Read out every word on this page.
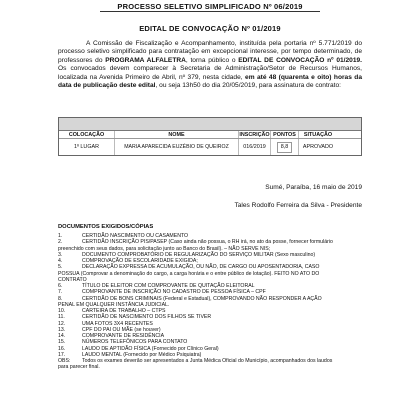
PROCESSO SELETIVO SIMPLIFICADO Nº 06/2019
EDITAL DE CONVOCAÇÃO Nº 01/2019
A Comissão de Fiscalização e Acompanhamento, instituída pela portaria nº 5.771/2019 do processo seletivo simplificado para contratação em excepcional interesse, por tempo determinado, de professores do PROGRAMA ALFALETRA, torna público o EDITAL DE CONVOCAÇÃO nº 01/2019. Os convocados devem comparecer à Secretaria de Administração/Setor de Recursos Humanos, localizada na Avenida Primeiro de Abril, nº 379, nesta cidade, em até 48 (quarenta e oito) horas da data de publicação deste edital, ou seja 13h50 do dia 20/05/2019, para assinatura de contrato:
COLOCAÇÃO	NOME	INSCRIÇÃO PONTOS	SITUAÇÃO
1º LUGAR	MARIA APARECIDA EUZÉBIO DE QUEIROZ	016/2019	8,8	APROVADO
Sumé, Paraíba, 16 maio de 2019
Tales Rodolfo Ferreira da Silva - Presidente
DOCUMENTOS EXIGIDOS/CÓPIAS
1.	CERTIDÃO NASCIMENTO OU CASAMENTO
2.	CERTIDÃO INSCRIÇÃO PIS/PASEP (Caso ainda não possua, o RH irá, no ato da posse, fornecer formulário
preenchido com seus dados, para solicitação junto ao Banco do Brasil). – NÃO SERVE NIS;
3.	DOCUMENTO COMPROBATÓRIO DE REGULARIZAÇÃO DO SERVIÇO MILITAR (Sexo masculino)
4.	COMPROVAÇÃO DE ESCOLARIDADE EXIGIDA;
5.	DECLARAÇÃO EXPRESSA DE ACUMULAÇÃO, OU NÃO, DE CARGO OU APOSENTADORIA, CASO
POSSUA (Comprovar a denominação do cargo, a carga horária e o entre público de lotação). FEITO NO ATO DO
CONTRATO
6.	TÍTULO DE ELEITOR COM COMPROVANTE DE QUITAÇÃO ELEITORAL
7.	COMPROVANTE DE INSCRIÇÃO NO CADASTRO DE PESSOA FÍSICA – CPF
8.	CERTIDÃO DE BONS CRIMINAIS (Federal e Estadual), COMPROVANDO NÃO RESPONDER A AÇÃO
PENAL EM QUALQUER INSTÂNCIA JUDICIAL.
10.	CARTEIRA DE TRABALHO – CTPS
11.	CERTIDÃO DE NASCIMENTO DOS FILHOS SE TIVER
12.	UMA FOTOS 3X4 RECENTES
13.	CPF DO PAI OU MÃE (se houver)
14.	COMPROVANTE DE RESIDÊNCIA
15.	NÚMEROS TELEFÔNICOS PARA CONTATO
16.	LAUDO DE APTIDÃO FÍSICA (Fornecido por Clínico Geral)
17.	LAUDO MENTAL (Fornecido por Médico Psiquiatra)
OBS: Todos os exames deverão ser apresentados a Junta Médica Oficial do Município, acompanhados dos laudos
para parecer final.
